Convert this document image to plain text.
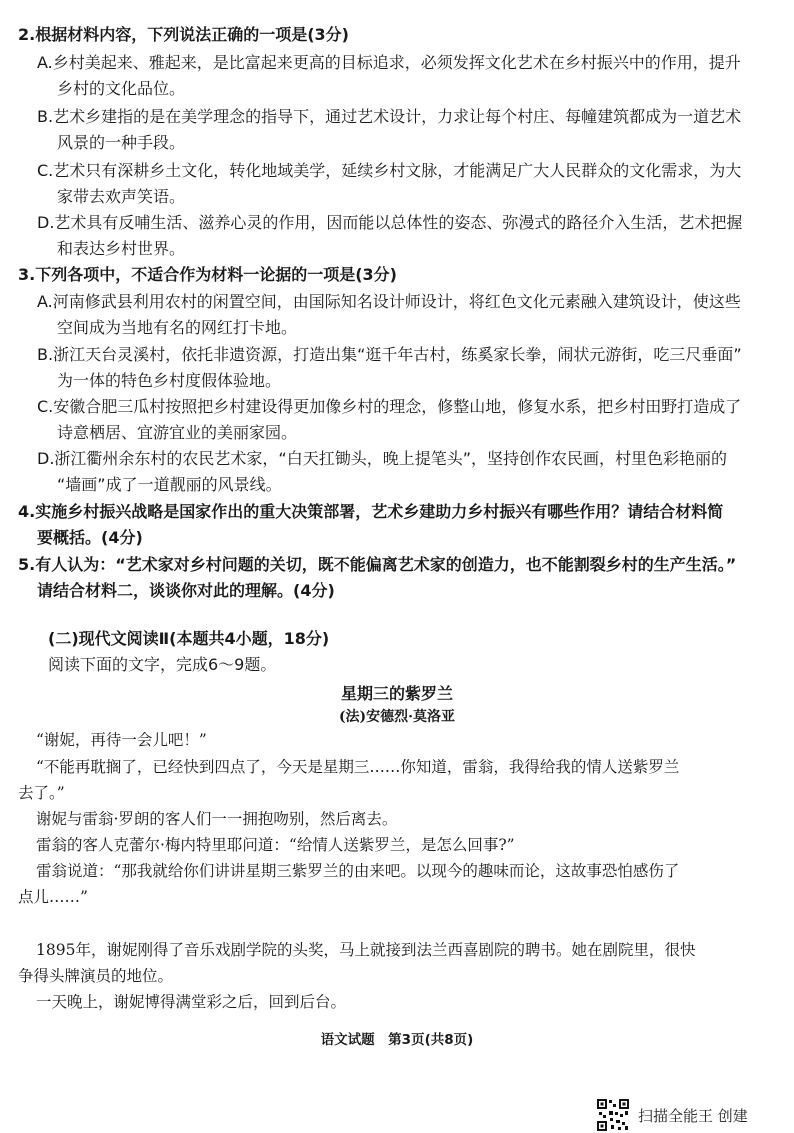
2.根据材料内容，下列说法正确的一项是(3分)
A.乡村美起来、雅起来，是比富起来更高的目标追求，必须发挥文化艺术在乡村振兴中的作用，提升
乡村的文化品位。
B.艺术乡建指的是在美学理念的指导下，通过艺术设计，力求让每个村庄、每幢建筑都成为一道艺术
风景的一种手段。
C.艺术只有深耕乡土文化，转化地域美学，延续乡村文脉，才能满足广大人民群众的文化需求，为大
家带去欢声笑语。
D.艺术具有反哺生活、滋养心灵的作用，因而能以总体性的姿态、弥漫式的路径介入生活，艺术把握
和表达乡村世界。
3.下列各项中，不适合作为材料一论据的一项是(3分)
A.河南修武县利用农村的闲置空间，由国际知名设计师设计，将红色文化元素融入建筑设计，使这些
空间成为当地有名的网红打卡地。
B.浙江天台灵溪村，依托非遗资源，打造出集“逛千年古村，练奚家长拳，闹状元游街，吃三尺垂面”
为一体的特色乡村度假体验地。
C.安徽合肥三瓜村按照把乡村建设得更加像乡村的理念，修整山地，修复水系，把乡村田野打造成了
诗意栖居、宜游宜业的美丽家园。
D.浙江衢州余东村的农民艺术家，“白天扛锄头，晚上提笔头”，坚持创作农民画，村里色彩艳丽的
“墙画”成了一道靓丽的风景线。
4.实施乡村振兴战略是国家作出的重大决策部署，艺术乡建助力乡村振兴有哪些作用？请结合材料简
要概括。(4分)
5.有人认为：“艺术家对乡村问题的关切，既不能偏离艺术家的创造力，也不能割裂乡村的生产生活。”
请结合材料二，谈谈你对此的理解。(4分)
(二)现代文阅读Ⅱ(本题共4小题，18分)
阅读下面的文字，完成6～9题。
星期三的紫罗兰
(法)安德烈·莫洛亚
“谢妮，再待一会儿吧！”
“不能再耽搁了，已经快到四点了，今天是星期三……你知道，雷翁，我得给我的情人送紫罗兰
去了。”
谢妮与雷翁·罗朗的客人们一一拥抱吻别，然后离去。
雷翁的客人克蕾尔·梅内特里耶问道：“给情人送紫罗兰，是怎么回事?”
雷翁说道：“那我就给你们讲讲星期三紫罗兰的由来吧。以现今的趣味而论，这故事恐怕感伤了
点儿……”
1895年，谢妮刚得了音乐戏剧学院的头奖，马上就接到法兰西喜剧院的聘书。她在剧院里，很快
争得头牌演员的地位。
一天晚上，谢妮博得满堂彩之后，回到后台。
语文试题　第3页(共8页)
扫描全能王 创建
